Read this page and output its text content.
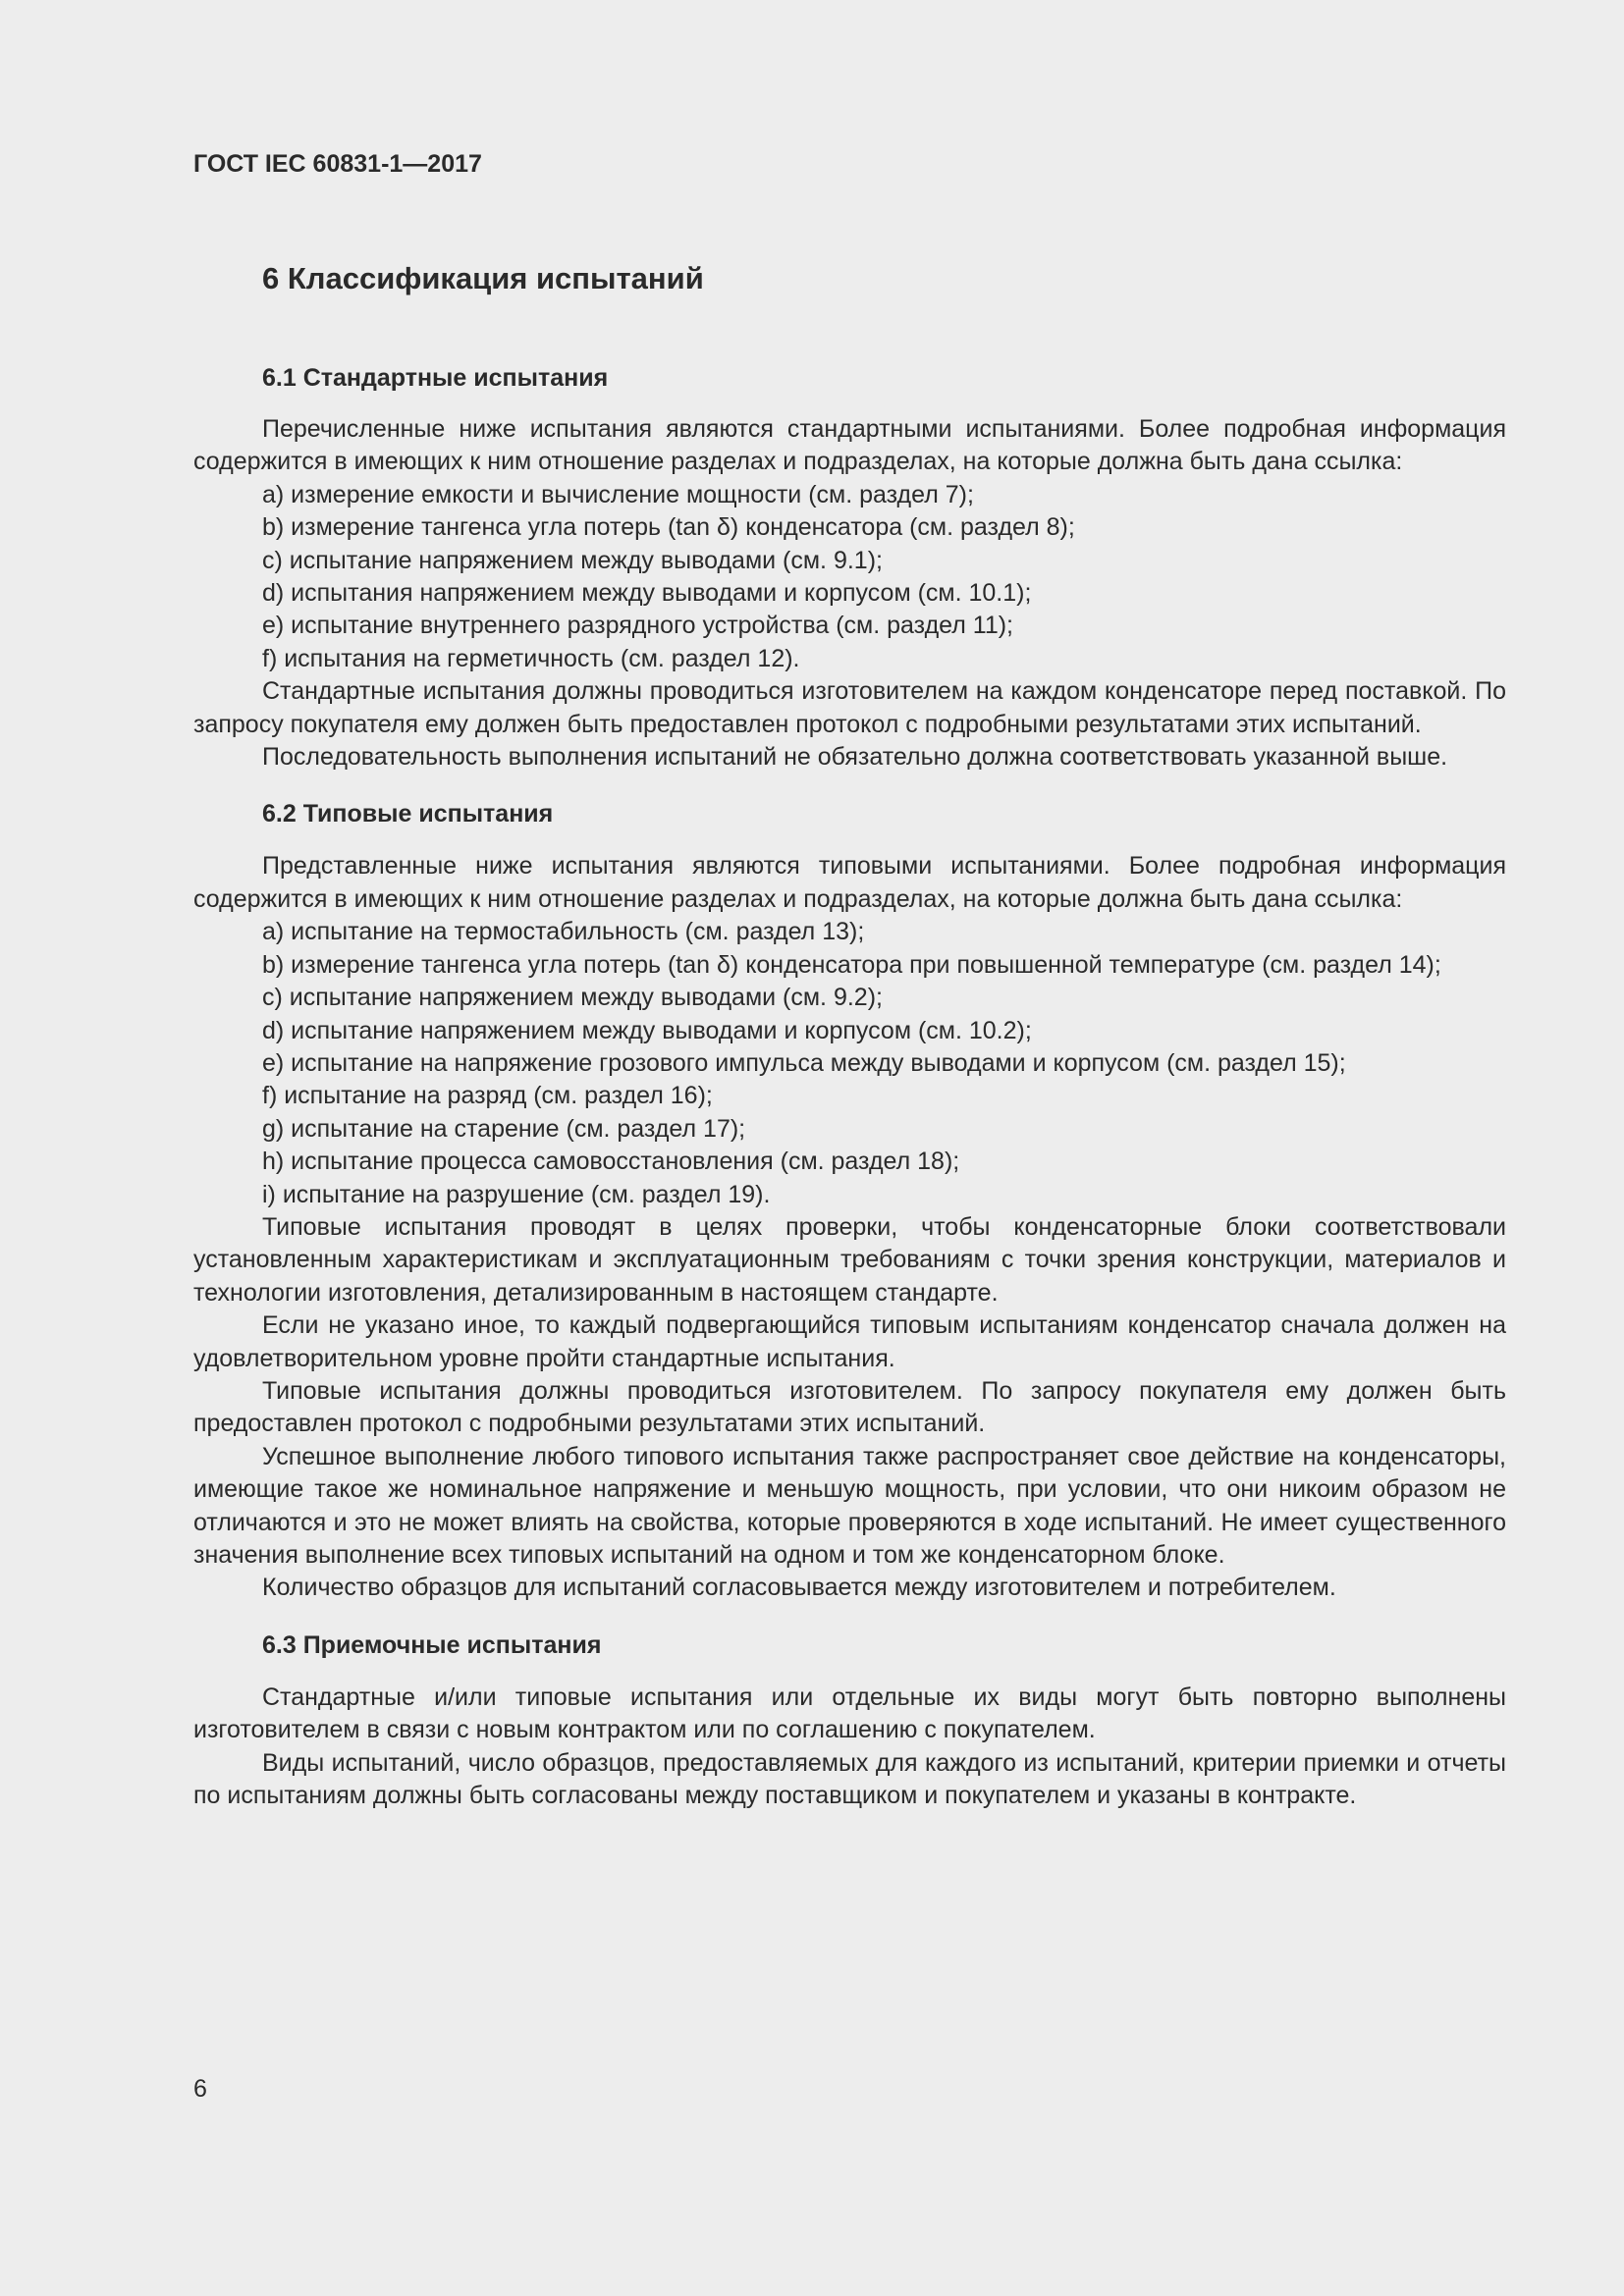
ГОСТ IEC 60831-1—2017
6 Классификация испытаний
6.1 Стандартные испытания

Перечисленные ниже испытания являются стандартными испытаниями. Более подробная информация содержится в имеющих к ним отношение разделах и подразделах, на которые должна быть дана ссылка:

a) измерение емкости и вычисление мощности (см. раздел 7);
b) измерение тангенса угла потерь (tan δ) конденсатора (см. раздел 8);
c) испытание напряжением между выводами (см. 9.1);
d) испытания напряжением между выводами и корпусом (см. 10.1);
e) испытание внутреннего разрядного устройства (см. раздел 11);
f) испытания на герметичность (см. раздел 12).

Стандартные испытания должны проводиться изготовителем на каждом конденсаторе перед поставкой. По запросу покупателя ему должен быть предоставлен протокол с подробными результатами этих испытаний.

Последовательность выполнения испытаний не обязательно должна соответствовать указанной выше.

6.2 Типовые испытания

Представленные ниже испытания являются типовыми испытаниями. Более подробная информация содержится в имеющих к ним отношение разделах и подразделах, на которые должна быть дана ссылка:

a) испытание на термостабильность (см. раздел 13);
b) измерение тангенса угла потерь (tan δ) конденсатора при повышенной температуре (см. раздел 14);
c) испытание напряжением между выводами (см. 9.2);
d) испытание напряжением между выводами и корпусом (см. 10.2);
e) испытание на напряжение грозового импульса между выводами и корпусом (см. раздел 15);
f) испытание на разряд (см. раздел 16);
g) испытание на старение (см. раздел 17);
h) испытание процесса самовосстановления (см. раздел 18);
i) испытание на разрушение (см. раздел 19).

Типовые испытания проводят в целях проверки, чтобы конденсаторные блоки соответствовали установленным характеристикам и эксплуатационным требованиям с точки зрения конструкции, материалов и технологии изготовления, детализированным в настоящем стандарте.

Если не указано иное, то каждый подвергающийся типовым испытаниям конденсатор сначала должен на удовлетворительном уровне пройти стандартные испытания.

Типовые испытания должны проводиться изготовителем. По запросу покупателя ему должен быть предоставлен протокол с подробными результатами этих испытаний.

Успешное выполнение любого типового испытания также распространяет свое действие на конденсаторы, имеющие такое же номинальное напряжение и меньшую мощность, при условии, что они никоим образом не отличаются и это не может влиять на свойства, которые проверяются в ходе испытаний. Не имеет существенного значения выполнение всех типовых испытаний на одном и том же конденсаторном блоке.

Количество образцов для испытаний согласовывается между изготовителем и потребителем.

6.3 Приемочные испытания

Стандартные и/или типовые испытания или отдельные их виды могут быть повторно выполнены изготовителем в связи с новым контрактом или по соглашению с покупателем.

Виды испытаний, число образцов, предоставляемых для каждого из испытаний, критерии приемки и отчеты по испытаниям должны быть согласованы между поставщиком и покупателем и указаны в контракте.

6
